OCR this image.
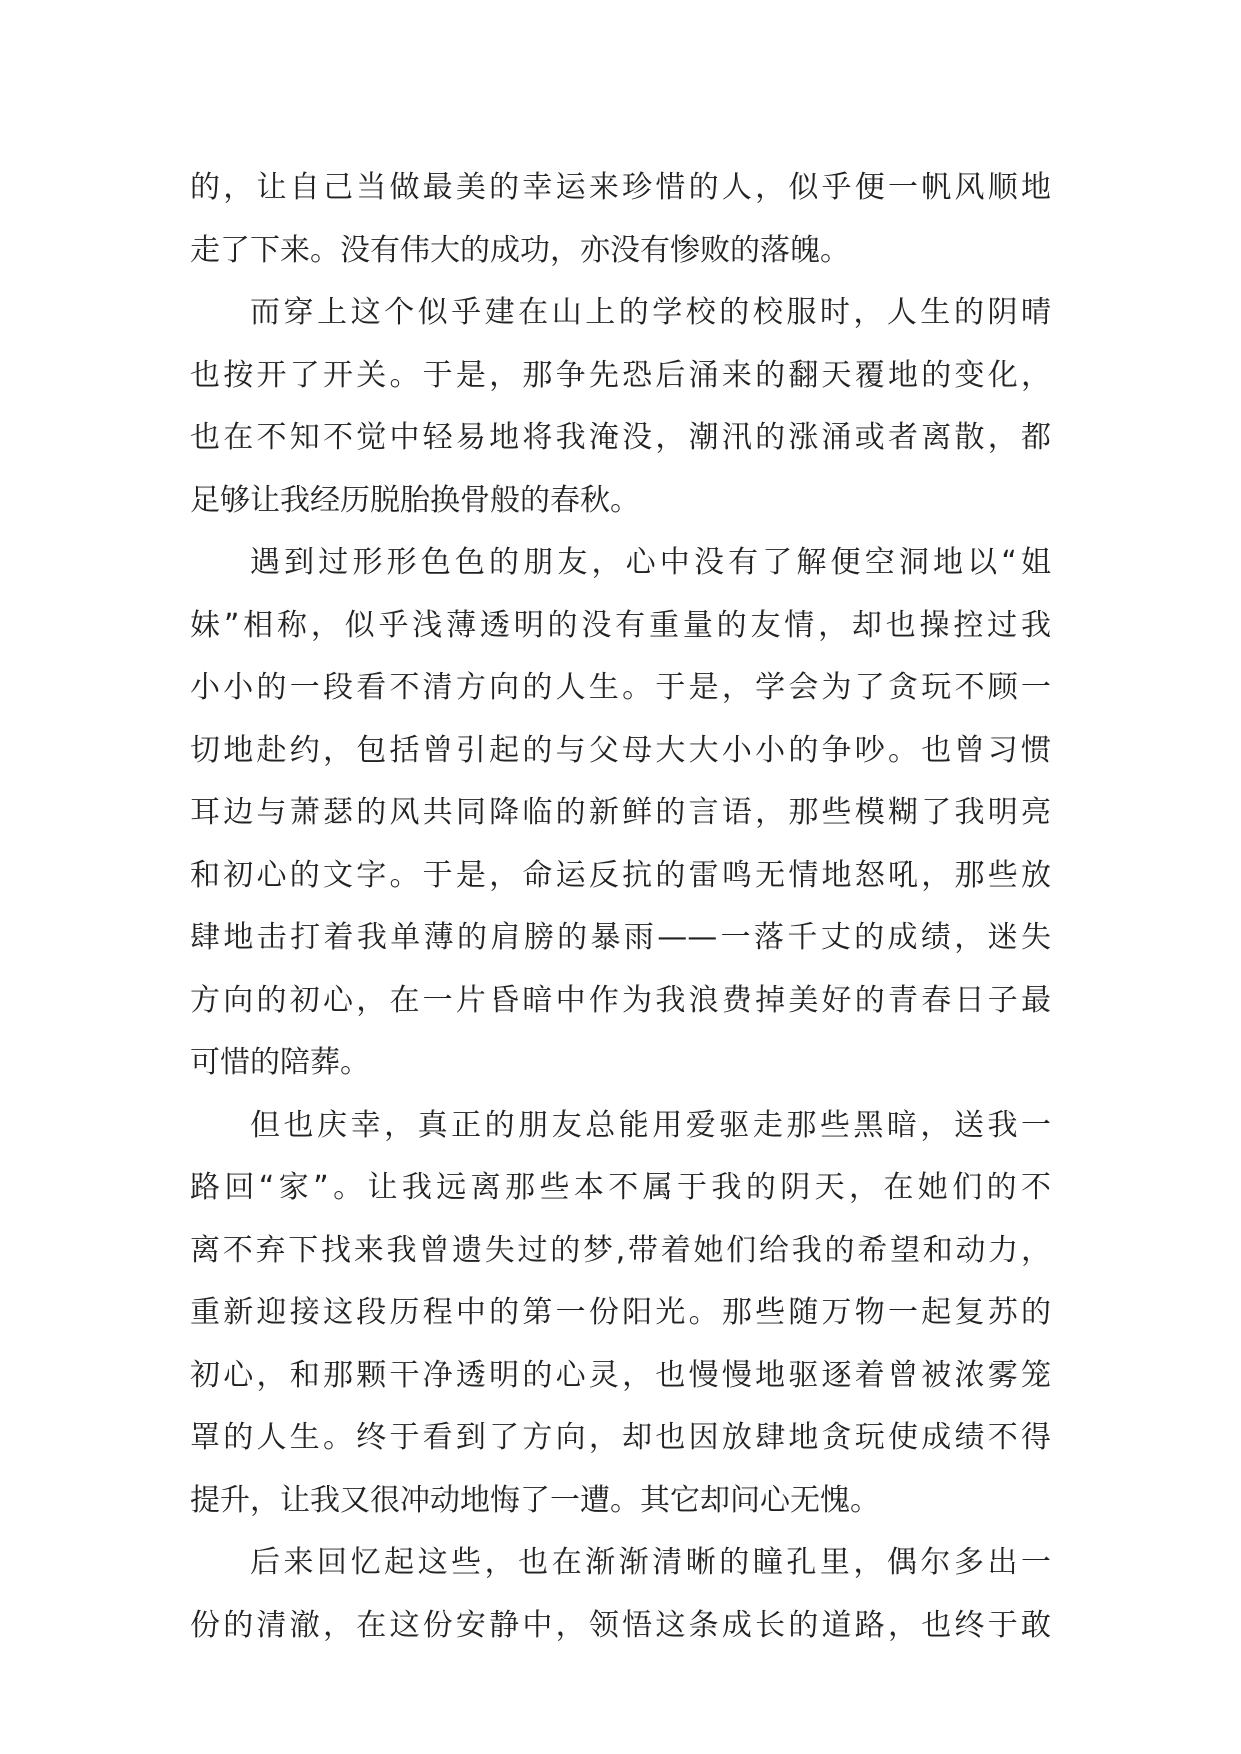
的，让自己当做最美的幸运来珍惜的人，似乎便一帆风顺地
走了下来。没有伟大的成功，亦没有惨败的落魄。
而穿上这个似乎建在山上的学校的校服时，人生的阴晴
也按开了开关。于是，那争先恐后涌来的翻天覆地的变化，
也在不知不觉中轻易地将我淹没，潮汛的涨涌或者离散，都
足够让我经历脱胎换骨般的春秋。
遇到过形形色色的朋友，心中没有了解便空洞地以“姐
妹”相称，似乎浅薄透明的没有重量的友情，却也操控过我
小小的一段看不清方向的人生。于是，学会为了贪玩不顾一
切地赴约，包括曾引起的与父母大大小小的争吵。也曾习惯
耳边与萧瑟的风共同降临的新鲜的言语，那些模糊了我明亮
和初心的文字。于是，命运反抗的雷鸣无情地怒吼，那些放
肆地击打着我单薄的肩膀的暴雨——一落千丈的成绩，迷失
方向的初心，在一片昏暗中作为我浪费掉美好的青春日子最
可惜的陪葬。
但也庆幸，真正的朋友总能用爱驱走那些黑暗，送我一
路回“家”。让我远离那些本不属于我的阴天，在她们的不
离不弃下找来我曾遗失过的梦,带着她们给我的希望和动力，
重新迎接这段历程中的第一份阳光。那些随万物一起复苏的
初心，和那颗干净透明的心灵，也慢慢地驱逐着曾被浓雾笼
罩的人生。终于看到了方向，却也因放肆地贪玩使成绩不得
提升，让我又很冲动地悔了一遭。其它却问心无愧。
后来回忆起这些，也在渐渐清晰的瞳孔里，偶尔多出一
份的清澈，在这份安静中，领悟这条成长的道路，也终于敢
